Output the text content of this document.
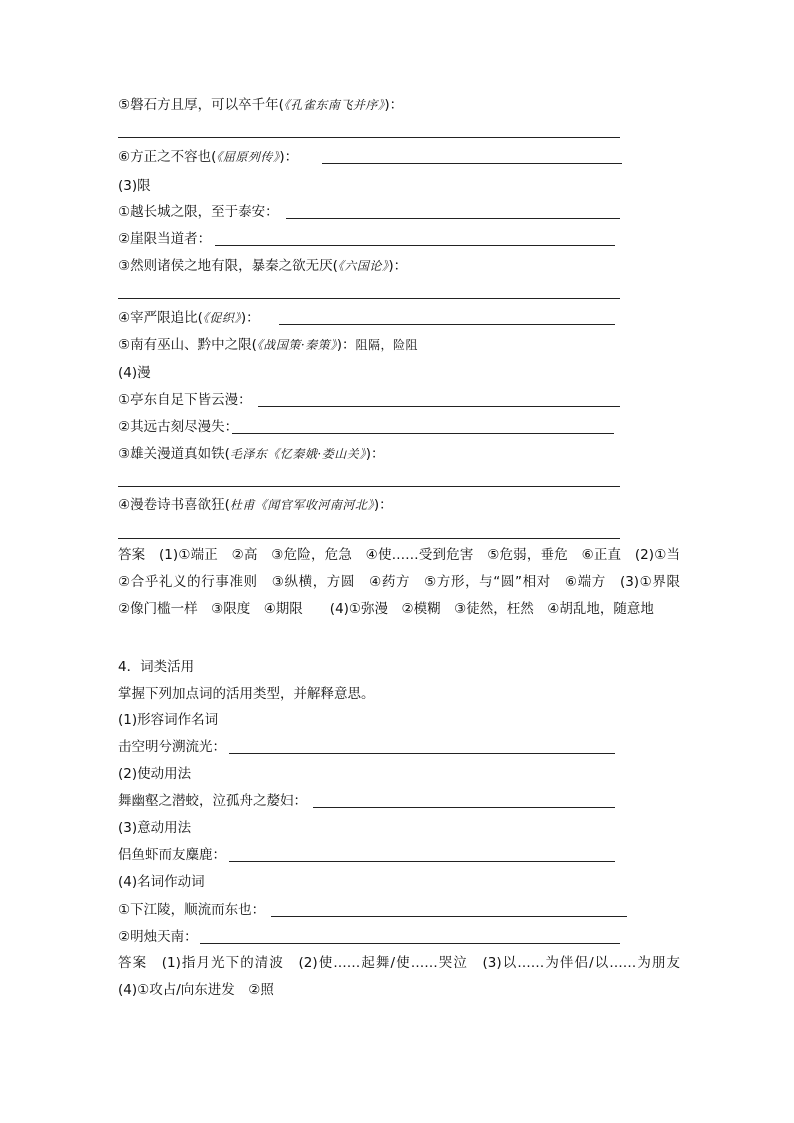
⑤磐石方且厚，可以卒千年(《孔雀东南飞并序》)：
⑥方正之不容也(《屈原列传》)：
(3)限
①越长城之限，至于泰安：
②崖限当道者：
③然则诸侯之地有限，暴秦之欲无厌(《六国论》)：
④宰严限追比(《促织》)：
⑤南有巫山、黔中之限(《战国策·秦策》)：阻隔，险阻
(4)漫
①亭东自足下皆云漫：
②其远古刻尽漫失：
③雄关漫道真如铁(毛泽东《忆秦娥·娄山关》)：
④漫卷诗书喜欲狂(杜甫《闻官军收河南河北》)：
答案　(1)①端正　②高　③危险，危急　④使……受到危害　⑤危弱，垂危　⑥正直　(2)①当　②合乎礼义的行事准则　③纵横，方圆　④药方　⑤方形，与“圆”相对　⑥端方　(3)①界限　②像门槛一样　③限度　④期限　　(4)①弥漫　②模糊　③徒然，枉然　④胡乱地，随意地
4．词类活用
掌握下列加点词的活用类型，并解释意思。
(1)形容词作名词
击空明兮溯流光：
(2)使动用法
舞幽壑之潜蛟，泣孤舟之嫠妇：
(3)意动用法
侣鱼虾而友麋鹿：
(4)名词作动词
①下江陵，顺流而东也：
②明烛天南：
答案　(1)指月光下的清波　(2)使……起舞/使……哭泣　(3)以……为伴侣/以……为朋友　(4)①攻占/向东进发　②照
